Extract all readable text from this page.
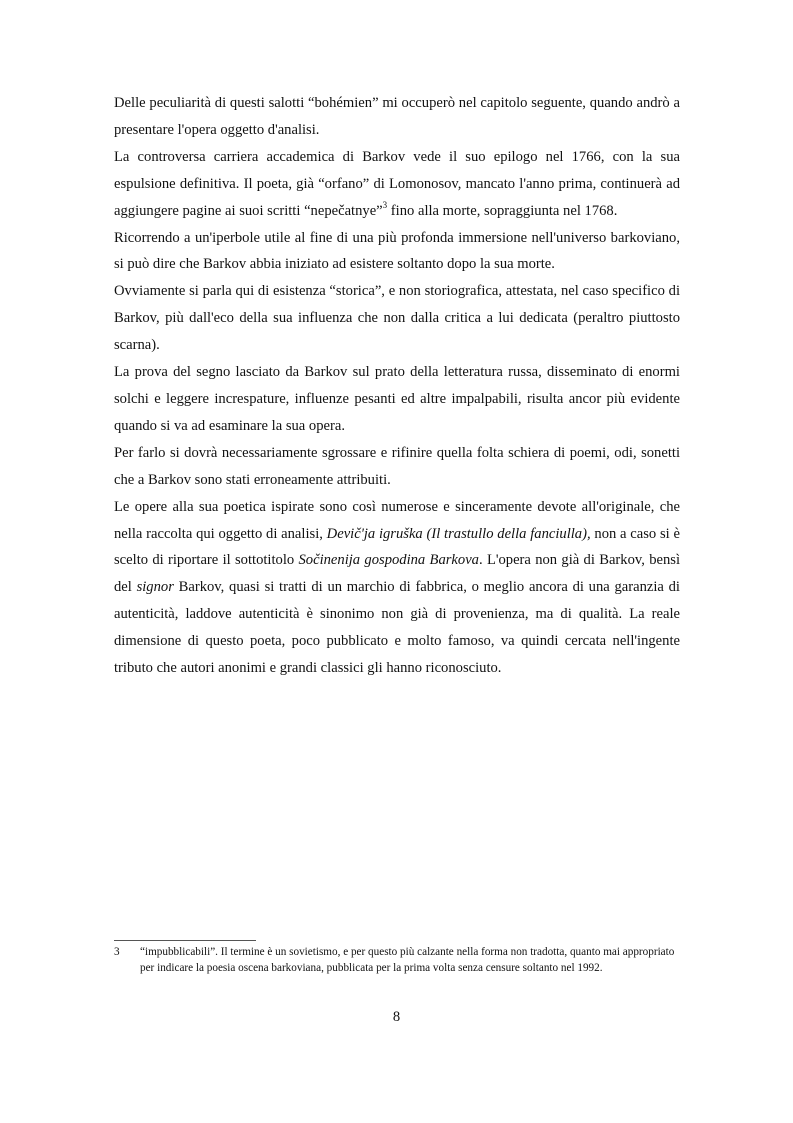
Delle peculiarità di questi salotti “bohémien” mi occuperò nel capitolo seguente, quando andrò a presentare l'opera oggetto d'analisi.

La controversa carriera accademica di Barkov vede il suo epilogo nel 1766, con la sua espulsione definitiva. Il poeta, già “orfano” di Lomonosov, mancato l'anno prima, continuerà ad aggiungere pagine ai suoi scritti “nepečatnye”$^3$ fino alla morte, sopraggiunta nel 1768.

Ricorrendo a un'iperbole utile al fine di una più profonda immersione nell'universo barkoviano, si può dire che Barkov abbia iniziato ad esistere soltanto dopo la sua morte.

Ovviamente si parla qui di esistenza “storica”, e non storiografica, attestata, nel caso specifico di Barkov, più dall'eco della sua influenza che non dalla critica a lui dedicata (peraltro piuttosto scarna).

La prova del segno lasciato da Barkov sul prato della letteratura russa, disseminato di enormi solchi e leggere increspature, influenze pesanti ed altre impalpabili, risulta ancor più evidente quando si va ad esaminare la sua opera.

Per farlo si dovrà necessariamente sgrossare e rifinire quella folta schiera di poemi, odi, sonetti che a Barkov sono stati erroneamente attribuiti.

Le opere alla sua poetica ispirate sono così numerose e sinceramente devote all'originale, che nella raccolta qui oggetto di analisi, Devič'ja igruška (Il trastullo della fanciulla), non a caso si è scelto di riportare il sottotitolo Sočinenija gospodina Barkova. L'opera non già di Barkov, bensì del signor Barkov, quasi si tratti di un marchio di fabbrica, o meglio ancora di una garanzia di autenticità, laddove autenticità è sinonimo non già di provenienza, ma di qualità. La reale dimensione di questo poeta, poco pubblicato e molto famoso, va quindi cercata nell'ingente tributo che autori anonimi e grandi classici gli hanno riconosciuto.

3 “impubblicabili”. Il termine è un sovietismo, e per questo più calzante nella forma non tradotta, quanto mai appropriato per indicare la poesia oscena barkoviana, pubblicata per la prima volta senza censure soltanto nel 1992.
8
